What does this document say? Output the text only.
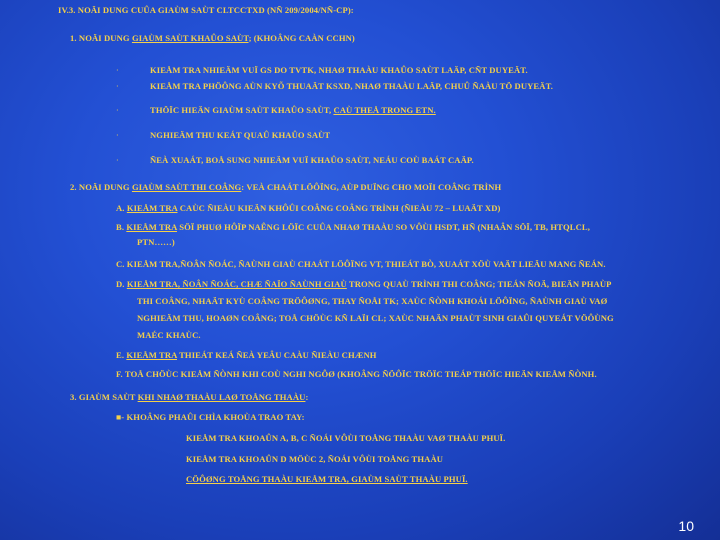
IV.3. NOÄI DUNG CUÛA GIAÙM SAÙT CLTCCTXD (NÑ 209/2004/NÑ-CP):
1. NOÄI DUNG GIAÙM SAÙT KHAÛO SAÙT; (KHOÂNG CAÀN CCHN)
·	KIEÅM TRA NHIEÄM VUÏ GS DO TVTK, NHAØ THAÀU KHAÛO SAÙT LAÄP, CÑT DUYEÄT.
·	KIEÅM TRA PHÖÔNG AÙN KYÕ THUAÄT KSXD, NHAØ THAÀU LAÄP, CHUÛ ÑAÀU TÖ DUYEÄT.
·	THÖÏC HIEÄN GIAÙM SAÙT KHAÛO SAÙT, CAÙ THEÅ TRONG ETN.
·	NGHIEÄM THU KEÁT QUAÛ KHAÛO SAÙT
·	ÑEÀ XUAÁT, BOÅ SUNG NHIEÄM VUÏ KHAÛO SAÙT, NEÁU COÙ BAÁT CAÄP.
2. NOÄI DUNG GIAÙM SAÙT THI COÂNG: VEÀ CHAÁT LÖÔÏNG, AÙP DUÏNG CHO MOÏI COÂNG TRÌNH
A. KIEÅM TRA CAÙC ÑIEÀU KIEÄN KHÔÛI COÂNG COÂNG TRÌNH (ÑIEÀU 72 – LUAÄT XD)
B. KIEÅM TRA SÖÏ PHUØ HÔÏP NAÊNG LÖÏC CUÛA NHAØ THAÀU SO VÔÙI HSDT, HÑ (NHAÂN SÖÏ, TB, HTQLCL,
PTN……)
C. KIEÅM TRA,ÑOÂN ÑOÁC, ÑAÙNH GIAÙ CHAÁT LÖÔÏNG VT, THIEÁT BÒ, XUAÁT XÖÙ VAÄT LIEÄU MANG ÑEÁN.
D. KIEÅM TRA, ÑOÂN ÑOÁC, CHÆ ÑAÏO ÑAÙNH GIAÙ TRONG QUAÙ TRÌNH THI COÂNG; TIEÁN ÑOÄ, BIEÄN PHAÙP
THI COÂNG, NHAÄT KYÙ COÂNG TRÖÔØNG, THAY ÑOÅI TK; XAÙC ÑÒNH KHOÁI LÖÔÏNG, ÑAÙNH GIAÙ VAØ
NGHIEÄM THU, HOAØN COÂNG; TOÅ CHÖÙC KÑ LAÏI CL; XAÙC NHAÄN PHAÙT SINH GIAÛI QUYEÁT VÖÔÙNG
MAÉC KHAÙC.
E. KIEÅM TRA THIEÁT KEÁ ÑEÀ YEÂU CAÀU ÑIEÀU CHÆNH
F. TOÅ CHÖÙC KIEÅM ÑÒNH KHI COÙ NGHI NGÔØ (KHOÂNG ÑÖÔÏC TRÖÏC TIEÁP THÖÏC HIEÄN KIEÅM ÑÒNH.
3. GIAÙM SAÙT KHI NHAØ THAÀU LAØ TOÅNG THAÀU:
■- KHOÂNG PHAÛI CHÌA KHOÙA TRAO TAY:
KIEÅM TRA KHOAÛN A, B, C ÑOÁI VÔÙI TOÅNG THAÀU VAØ THAÀU PHUÏ.
KIEÅM TRA KHOAÛN D MÖÙC 2, ÑOÁI VÔÙI TOÅNG THAÀU
CÖÔØNG TOÅNG THAÀU KIEÅM TRA, GIAÙM SAÙT THAÀU PHUÏ.
10
